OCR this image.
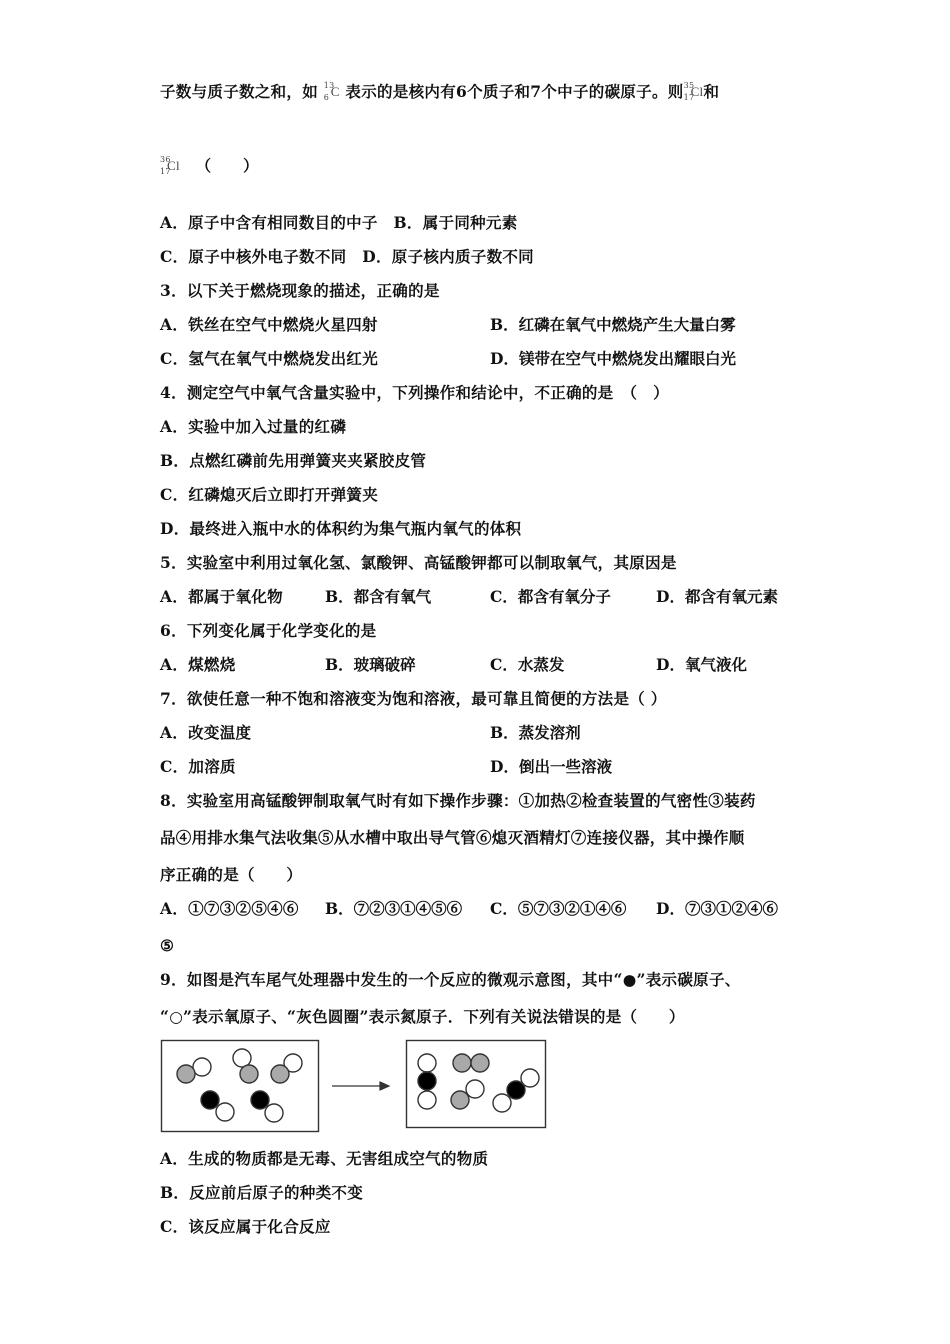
子数与质子数之和，如 13
6 C 表示的是核内有6个质子和7个中子的碳原子。则 35
17
Cl和
36
17
Cl （　　）
A．原子中含有相同数目的中子　B．属于同种元素
C．原子中核外电子数不同　D．原子核内质子数不同
3．以下关于燃烧现象的描述，正确的是
A．铁丝在空气中燃烧火星四射	B．红磷在氧气中燃烧产生大量白雾
C．氢气在氧气中燃烧发出红光	D．镁带在空气中燃烧发出耀眼白光
4．测定空气中氧气含量实验中，下列操作和结论中，不正确的是　（　）
A．实验中加入过量的红磷
B．点燃红磷前先用弹簧夹夹紧胶皮管
C．红磷熄灭后立即打开弹簧夹
D．最终进入瓶中水的体积约为集气瓶内氧气的体积
5．实验室中利用过氧化氢、氯酸钾、高锰酸钾都可以制取氧气，其原因是
A．都属于氧化物	B．都含有氧气	C．都含有氧分子	D．都含有氧元素
6．下列变化属于化学变化的是
A．煤燃烧	B．玻璃破碎	C．水蒸发	D．氧气液化
7．欲使任意一种不饱和溶液变为饱和溶液，最可靠且简便的方法是（ ）
A．改变温度	B．蒸发溶剂
C．加溶质	D．倒出一些溶液
8．实验室用高锰酸钾制取氧气时有如下操作步骤：①加热②检查装置的气密性③装药
品④用排水集气法收集⑤从水槽中取出导气管⑥熄灭酒精灯⑦连接仪器，其中操作顺
序正确的是（　　）
A．①⑦③②⑤④⑥ B．⑦②③①④⑤⑥ C．⑤⑦③②①④⑥ D．⑦③①②④⑥
⑤
9．如图是汽车尾气处理器中发生的一个反应的微观示意图，其中“●”表示碳原子、
“○”表示氧原子、“灰色圆圈”表示氮原子．下列有关说法错误的是（　　）
A．生成的物质都是无毒、无害组成空气的物质
B．反应前后原子的种类不变
C．该反应属于化合反应
